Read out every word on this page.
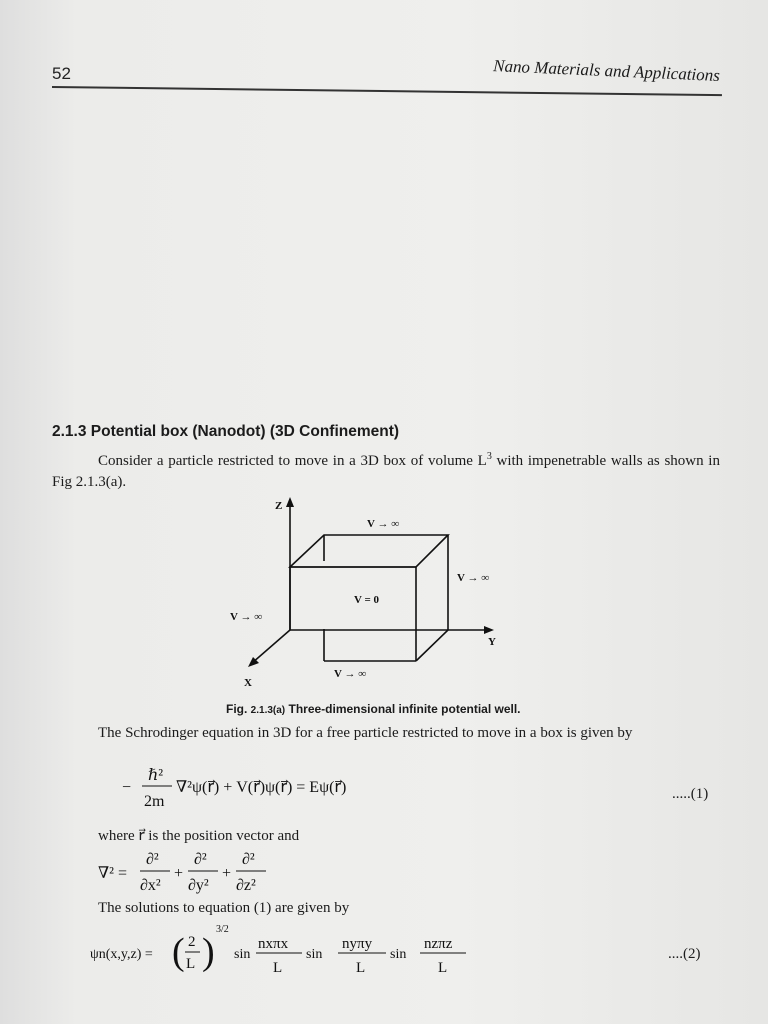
52	Nano Materials and Applications
2.1.3 Potential box (Nanodot) (3D Confinement)

Consider a particle restricted to move in a 3D box of volume $L^3$ with impenetrable walls as shown in Fig 2.1.3(a).

Z
Y
X
V → ∞
V → ∞
V → ∞
V → ∞
V = 0
Fig. 2.1.3(a) Three-dimensional infinite potential well.

The Schrodinger equation in 3D for a free particle restricted to move in a box is given by

−
ℏ²
2m
∇²ψ(r⃗) + V(r⃗)ψ(r⃗) = Eψ(r⃗)	.....(1)
where r⃗ is the position vector and
∇² =
∂²
∂x²
+
∂²
∂y²
+
∂²
∂z²
The solutions to equation (1) are given by
ψn(x,y,z) = ( 2
L )
3/2
sin
nxπx
L
sin
nyπy
L
sin
nzπz
L
....(2)
